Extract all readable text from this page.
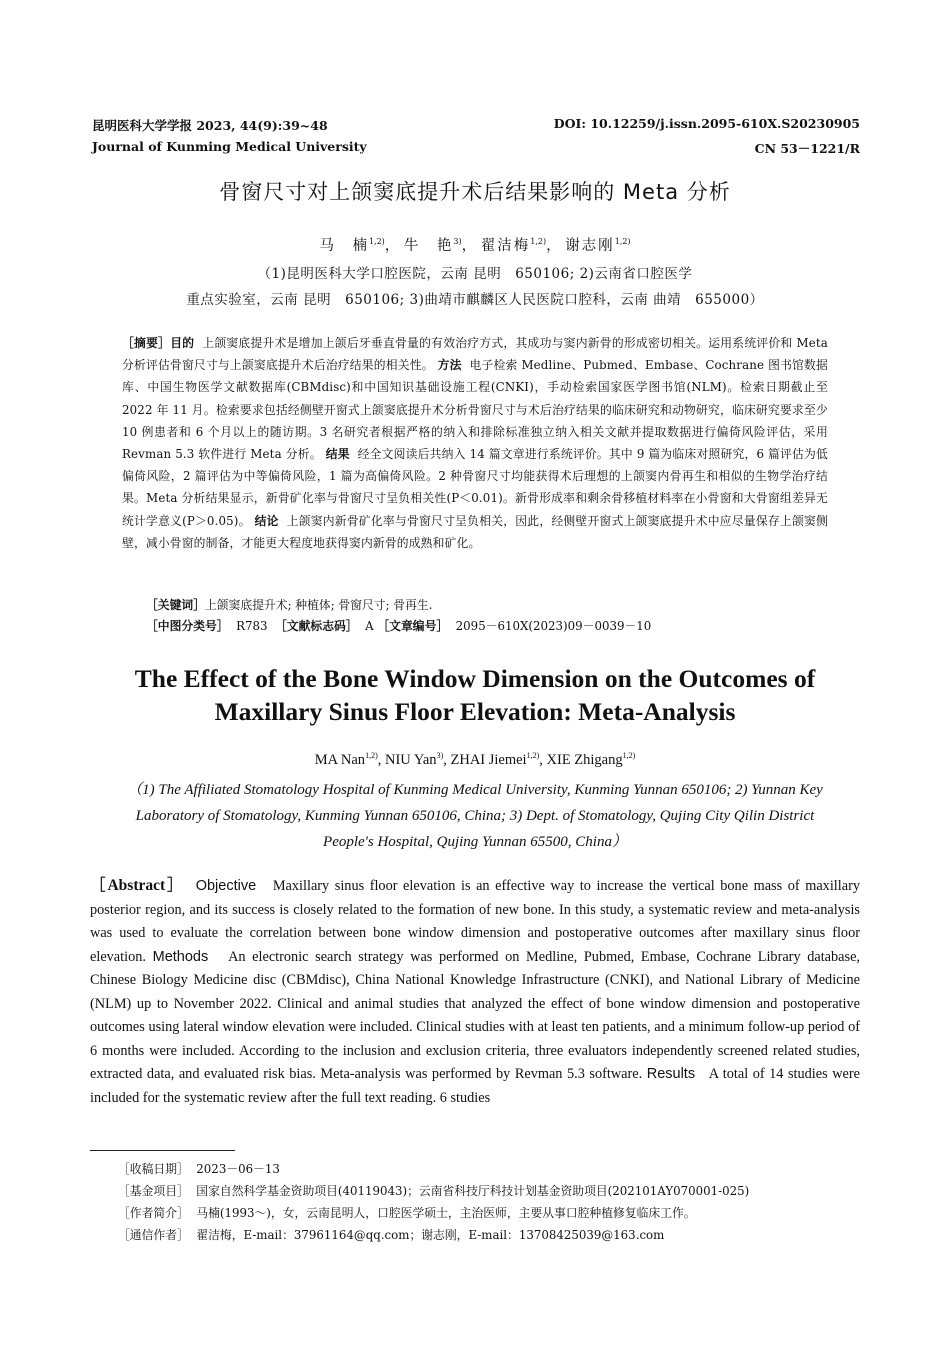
昆明医科大学学报 2023, 44(9):39~48
Journal of Kunming Medical University
DOI: 10.12259/j.issn.2095-610X.S20230905
CN 53－1221/R
骨窗尺寸对上颌窦底提升术后结果影响的 Meta 分析
马　楠$^{1,2)}$， 牛　艳$^{3)}$， 翟洁梅$^{1,2)}$， 谢志刚$^{1,2)}$
（1)昆明医科大学口腔医院，云南 昆明　650106; 2)云南省口腔医学
重点实验室，云南 昆明　650106; 3)曲靖市麒麟区人民医院口腔科，云南 曲靖　655000）
［摘要］目的 上颌窦底提升术是增加上颌后牙垂直骨量的有效治疗方式，其成功与窦内新骨的形成密切相关。运用系统评价和 Meta 分析评估骨窗尺寸与上颌窦底提升术后治疗结果的相关性。 方法 电子检索 Medline、Pubmed、Embase、Cochrane 图书馆数据库、中国生物医学文献数据库(CBMdisc)和中国知识基础设施工程(CNKI)，手动检索国家医学图书馆(NLM)。检索日期截止至 2022 年 11 月。检索要求包括经侧壁开窗式上颌窦底提升术分析骨窗尺寸与术后治疗结果的临床研究和动物研究，临床研究要求至少 10 例患者和 6 个月以上的随访期。3 名研究者根据严格的纳入和排除标准独立纳入相关文献并提取数据进行偏倚风险评估，采用 Revman 5.3 软件进行 Meta 分析。 结果 经全文阅读后共纳入 14 篇文章进行系统评价。其中 9 篇为临床对照研究，6 篇评估为低偏倚风险，2 篇评估为中等偏倚风险，1 篇为高偏倚风险。2 种骨窗尺寸均能获得术后理想的上颌窦内骨再生和相似的生物学治疗结果。Meta 分析结果显示，新骨矿化率与骨窗尺寸呈负相关性(P＜0.01)。新骨形成率和剩余骨移植材料率在小骨窗和大骨窗组差异无统计学意义(P＞0.05)。 结论 上颌窦内新骨矿化率与骨窗尺寸呈负相关，因此，经侧壁开窗式上颌窦底提升术中应尽量保存上颌窦侧壁，减小骨窗的制备，才能更大程度地获得窦内新骨的成熟和矿化。
［关键词］上颌窦底提升术; 种植体; 骨窗尺寸; 骨再生.
［中图分类号］ R783 ［文献标志码］ A ［文章编号］ 2095－610X(2023)09－0039－10
The Effect of the Bone Window Dimension on the Outcomes of
Maxillary Sinus Floor Elevation: Meta-Analysis
MA Nan$^{1,2)}$, NIU Yan$^{3)}$, ZHAI Jiemei$^{1,2)}$, XIE Zhigang$^{1,2)}$
（1) The Affiliated Stomatology Hospital of Kunming Medical University, Kunming Yunnan 650106; 2) Yunnan Key Laboratory of Stomatology, Kunming Yunnan 650106, China; 3) Dept. of Stomatology, Qujing City Qilin District People's Hospital, Qujing Yunnan 65500, China）
［Abstract］ Objective Maxillary sinus floor elevation is an effective way to increase the vertical bone mass of maxillary posterior region, and its success is closely related to the formation of new bone. In this study, a systematic review and meta-analysis was used to evaluate the correlation between bone window dimension and postoperative outcomes after maxillary sinus floor elevation. Methods An electronic search strategy was performed on Medline, Pubmed, Embase, Cochrane Library database, Chinese Biology Medicine disc (CBMdisc), China National Knowledge Infrastructure (CNKI), and National Library of Medicine (NLM) up to November 2022. Clinical and animal studies that analyzed the effect of bone window dimension and postoperative outcomes using lateral window elevation were included. Clinical studies with at least ten patients, and a minimum follow-up period of 6 months were included. According to the inclusion and exclusion criteria, three evaluators independently screened related studies, extracted data, and evaluated risk bias. Meta-analysis was performed by Revman 5.3 software. Results A total of 14 studies were included for the systematic review after the full text reading. 6 studies
［收稿日期］ 2023－06－13
［基金项目］ 国家自然科学基金资助项目(40119043)；云南省科技厅科技计划基金资助项目(202101AY070001-025)
［作者简介］ 马楠(1993～)，女，云南昆明人，口腔医学硕士，主治医师，主要从事口腔种植修复临床工作。
［通信作者］ 翟洁梅，E-mail：37961164@qq.com；谢志刚，E-mail：13708425039@163.com
